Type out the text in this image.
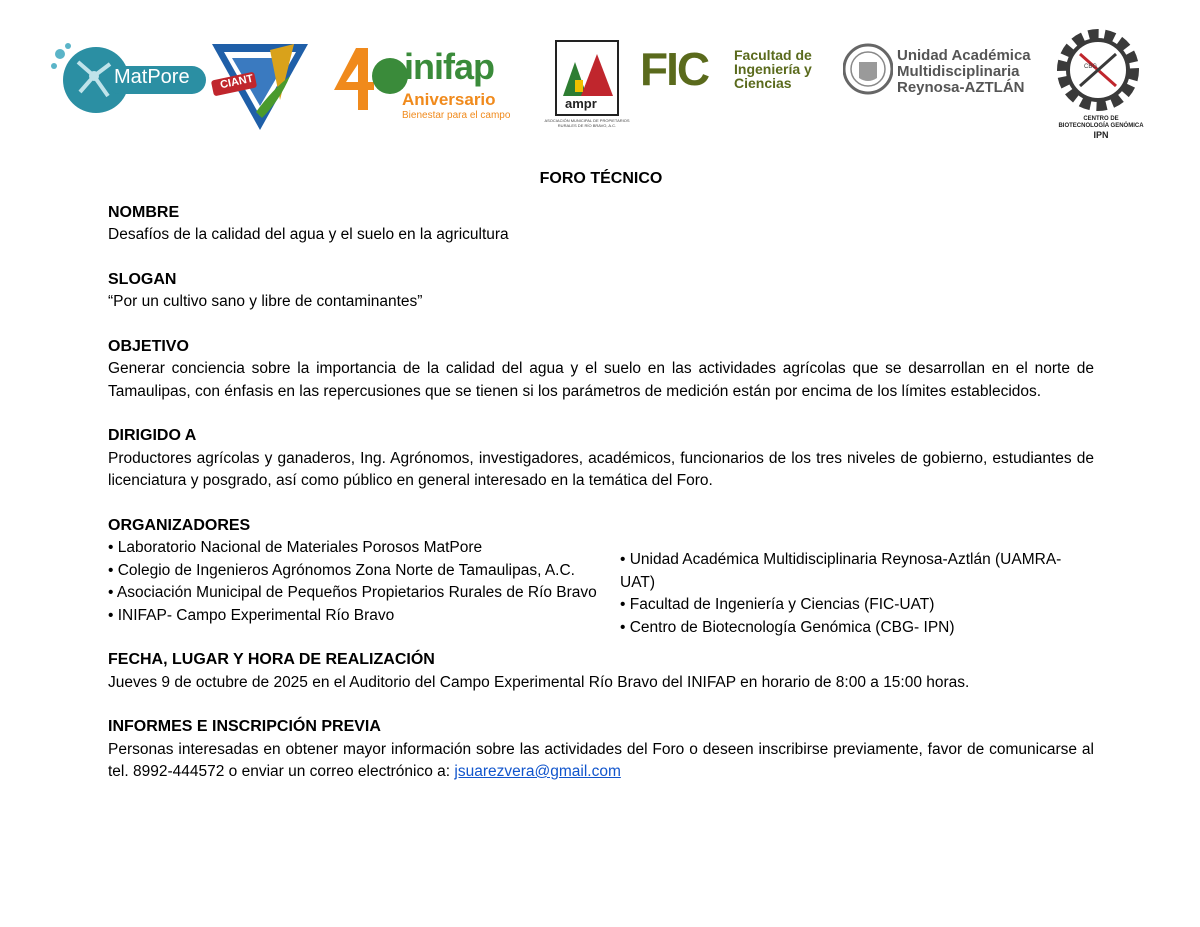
MatPore	CIANT	inifap
Aniversario
Bienestar para el campo
ampr
ASOCIACIÓN MUNICIPAL DE PROPIETARIOS
RURALES DE RÍO BRAVO, A.C.
FIC Facultad de
Ingeniería y
Ciencias
Unidad Académica
Multidisciplinaria
Reynosa-AZTLÁN
CBG
CENTRO DE
BIOTECNOLOGÍA GENÓMICA
IPN
FORO TÉCNICO
NOMBRE
Desafíos de la calidad del agua y el suelo en la agricultura
SLOGAN
“Por un cultivo sano y libre de contaminantes”
OBJETIVO
Generar conciencia sobre la importancia de la calidad del agua y el suelo en las actividades agrícolas que se desarrollan en el norte de Tamaulipas, con énfasis en las repercusiones que se tienen si los parámetros de medición están por encima de los límites establecidos.
DIRIGIDO A
Productores agrícolas y ganaderos, Ing. Agrónomos, investigadores, académicos, funcionarios de los tres niveles de gobierno, estudiantes de licenciatura y posgrado, así como público en general interesado en la temática del Foro.
ORGANIZADORES
• Laboratorio Nacional de Materiales Porosos MatPore
• Colegio de Ingenieros Agrónomos Zona Norte de Tamaulipas, A.C.
• Asociación Municipal de Pequeños Propietarios Rurales de Río Bravo
• INIFAP- Campo Experimental Río Bravo
• Unidad Académica Multidisciplinaria Reynosa-Aztlán (UAMRA-UAT)
• Facultad de Ingeniería y Ciencias (FIC-UAT)
• Centro de Biotecnología Genómica (CBG- IPN)
FECHA, LUGAR Y HORA DE REALIZACIÓN
Jueves 9 de octubre de 2025 en el Auditorio del Campo Experimental Río Bravo del INIFAP en horario de 8:00 a 15:00 horas.
INFORMES E INSCRIPCIÓN PREVIA
Personas interesadas en obtener mayor información sobre las actividades del Foro o deseen inscribirse previamente, favor de comunicarse al tel. 8992-444572 o enviar un correo electrónico a: jsuarezvera@gmail.com
